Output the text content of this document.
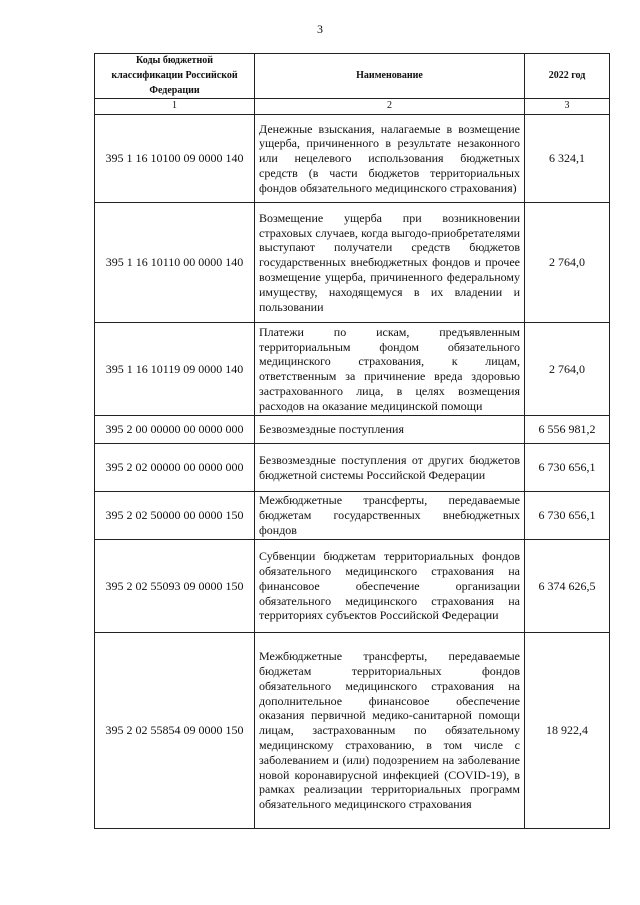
3
Коды бюджетной классификации Российской Федерации	Наименование	2022 год
1	2	3
395 1 16 10100 09 0000 140	Денежные взыскания, налагаемые в возмещение ущерба, причиненного в результате незаконного или нецелевого использования бюджетных средств (в части бюджетов территориальных фондов обязательного медицинского страхования)	6 324,1
395 1 16 10110 00 0000 140	Возмещение ущерба при возникновении страховых случаев, когда выгодо-приобретателями выступают получатели средств бюджетов государственных внебюджетных фондов и прочее возмещение ущерба, причиненного федеральному имуществу, находящемуся в их владении и пользовании	2 764,0
395 1 16 10119 09 0000 140	Платежи по искам, предъявленным территориальным фондом обязательного медицинского страхования, к лицам, ответственным за причинение вреда здоровью застрахованного лица, в целях возмещения расходов на оказание медицинской помощи	2 764,0
395 2 00 00000 00 0000 000	Безвозмездные поступления	6 556 981,2
395 2 02 00000 00 0000 000	Безвозмездные поступления от других бюджетов бюджетной системы Российской Федерации	6 730 656,1
395 2 02 50000 00 0000 150	Межбюджетные трансферты, передаваемые бюджетам государственных внебюджетных фондов	6 730 656,1
395 2 02 55093 09 0000 150	Субвенции бюджетам территориальных фондов обязательного медицинского страхования на финансовое обеспечение организации обязательного медицинского страхования на территориях субъектов Российской Федерации	6 374 626,5
395 2 02 55854 09 0000 150	Межбюджетные трансферты, передаваемые бюджетам территориальных фондов обязательного медицинского страхования на дополнительное финансовое обеспечение оказания первичной медико-санитарной помощи лицам, застрахованным по обязательному медицинскому страхованию, в том числе с заболеванием и (или) подозрением на заболевание новой коронавирусной инфекцией (COVID-19), в рамках реализации территориальных программ обязательного медицинского страхования	18 922,4
